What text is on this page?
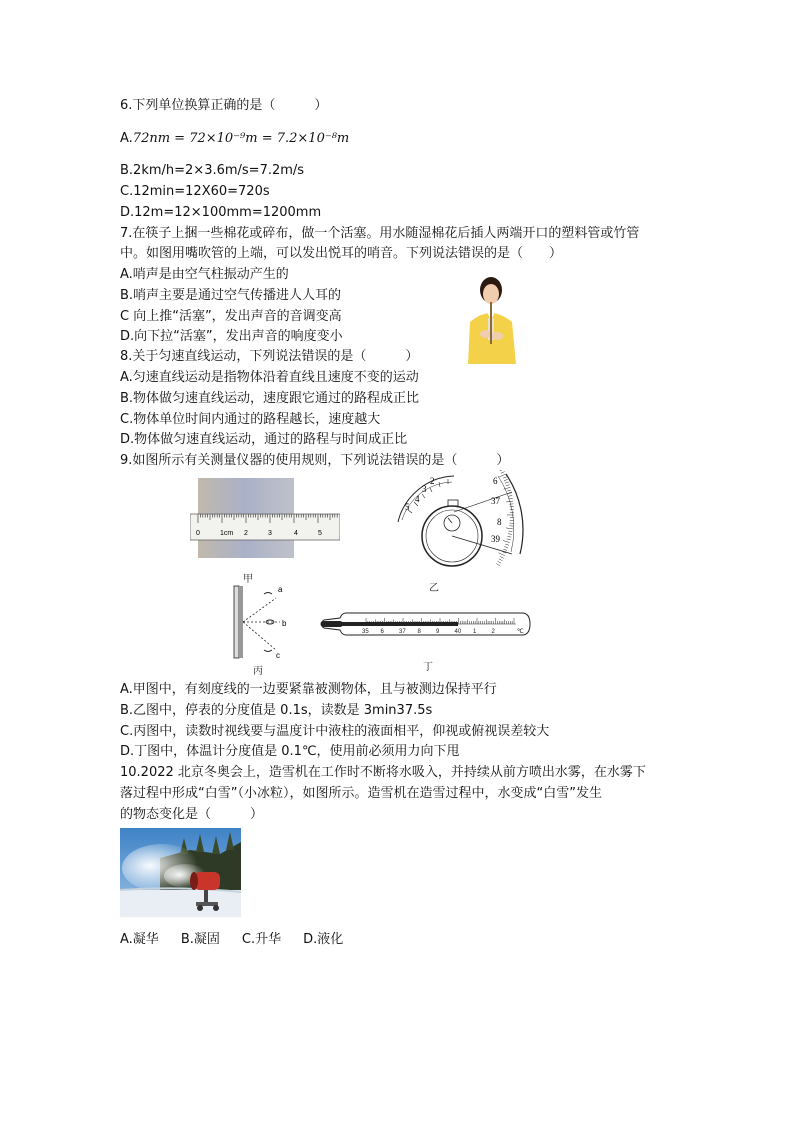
6.下列单位换算正确的是（　　　）
A.72nm = 72×10⁻⁹m = 7.2×10⁻⁸m
B.2km/h=2×3.6m/s=7.2m/s
C.12min=12X60=720s
D.12m=12×100mm=1200mm
7.在筷子上捆一些棉花或碎布，做一个活塞。用水随湿棉花后插人两端开口的塑料管或竹管
中。如图用嘴吹管的上端，可以发出悦耳的哨音。下列说法错误的是（　　）
A.哨声是由空气柱振动产生的
B.哨声主要是通过空气传播进人人耳的
C 向上推“活塞”，发出声音的音调变高
D.向下拉“活塞”，发出声音的响度变小
8.关于匀速直线运动，下列说法错误的是（　　　）
A.匀速直线运动是指物体沿着直线且速度不变的运动
B.物体做匀速直线运动，速度跟它通过的路程成正比
C.物体单位时间内通过的路程越长，速度越大
D.物体做匀速直线运动，通过的路程与时间成正比
9.如图所示有关测量仪器的使用规则，下列说法错误的是（　　　）
0	1cm 2	3	4	5
甲
5
4
3
2	6
37
8
39
乙
a
b
c
丙
35 6	37 8	9	40 1	2	℃
丁
A.甲图中，有刻度线的一边要紧靠被测物体，且与被测边保持平行
B.乙图中，停表的分度值是 0.1s，读数是 3min37.5s
C.丙图中，读数时视线要与温度计中液柱的液面相平，仰视或俯视误差较大
D.丁图中，体温计分度值是 0.1℃，使用前必须用力向下甩
10.2022 北京冬奥会上，造雪机在工作时不断将水吸入，并持续从前方喷出水雾，在水雾下
落过程中形成“白雪”（小冰粒），如图所示。造雪机在造雪过程中，水变成“白雪”发生
的物态变化是（　　　）
A.凝华 B.凝固 C.升华 D.液化
